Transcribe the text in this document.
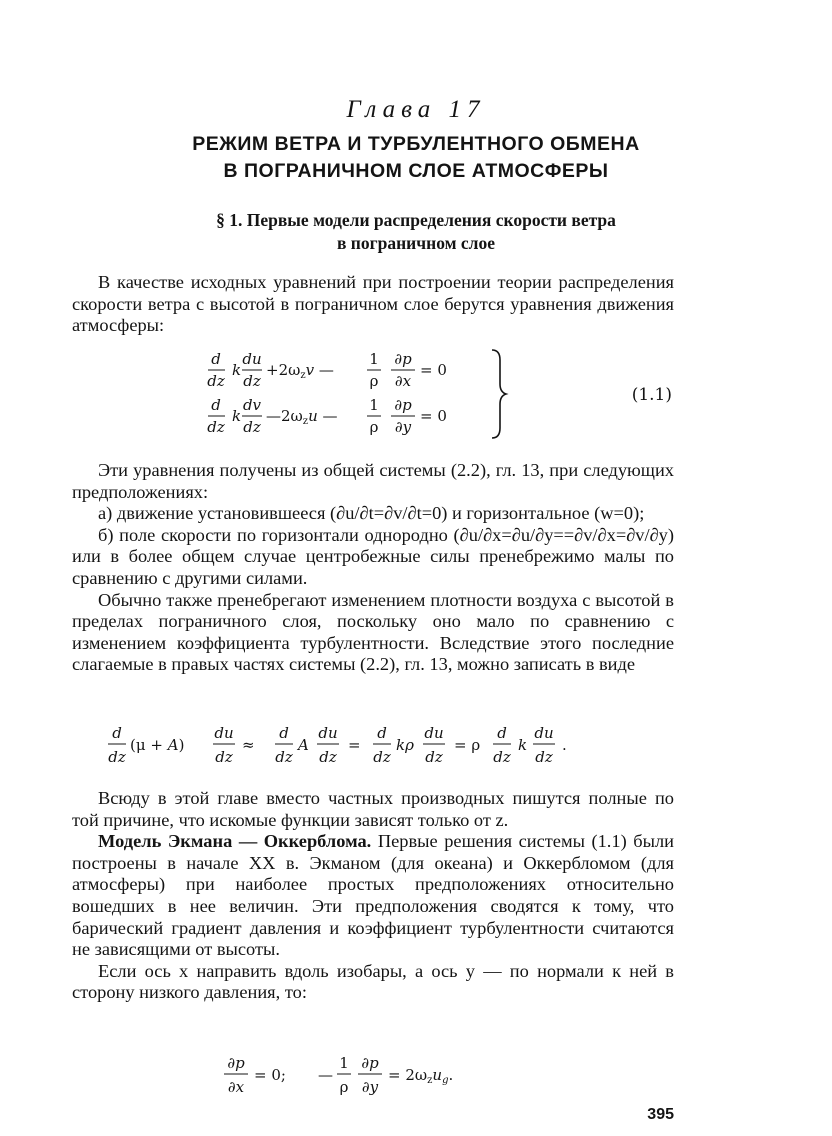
Глава 17
РЕЖИМ ВЕТРА И ТУРБУЛЕНТНОГО ОБМЕНА
В ПОГРАНИЧНОМ СЛОЕ АТМОСФЕРЫ
§ 1. Первые модели распределения скорости ветра
в пограничном слое
В качестве исходных уравнений при построении теории распределения скорости ветра с высотой в пограничном слое берутся уравнения движения атмосферы:
d
dz
k
du
dz
$+2\omega_zv$ —
1
ρ
∂p
∂x
= 0
d
dz
k
dv
dz
$—2\omega_zu$ —
1
ρ
∂p
∂y
= 0
(1.1)

Эти уравнения получены из общей системы (2.2), гл. 13, при следующих предположениях:

а) движение установившееся (∂u/∂t=∂v/∂t=0) и горизонтальное (w=0);

б) поле скорости по горизонтали однородно (∂u/∂x=∂u/∂y==∂v/∂x=∂v/∂y) или в более общем случае центробежные силы пренебрежимо малы по сравнению с другими силами.

Обычно также пренебрегают изменением плотности воздуха с высотой в пределах пограничного слоя, поскольку оно мало по сравнению с изменением коэффициента турбулентности. Вследствие этого последние слагаемые в правых частях системы (2.2), гл. 13, можно записать в виде

d
dz
(μ + A)
du
dz
≈
d
dz
A
du
dz
=
d
dz
kρ
du
dz
= ρ
d
dz
k
du
dz
.

Всюду в этой главе вместо частных производных пишутся полные по той причине, что искомые функции зависят только от z.

Модель Экмана — Оккерблома. Первые решения системы (1.1) были построены в начале XX в. Экманом (для океана) и Оккербломом (для атмосферы) при наиболее простых предположениях относительно вошедших в нее величин. Эти предположения сводятся к тому, что барический градиент давления и коэффициент турбулентности считаются не зависящими от высоты.

Если ось x направить вдоль изобары, а ось y — по нормали к ней в сторону низкого давления, то:

∂p
∂x
= 0; —
1
ρ
∂p
∂y
= $2\omega_zu_g$.
395
